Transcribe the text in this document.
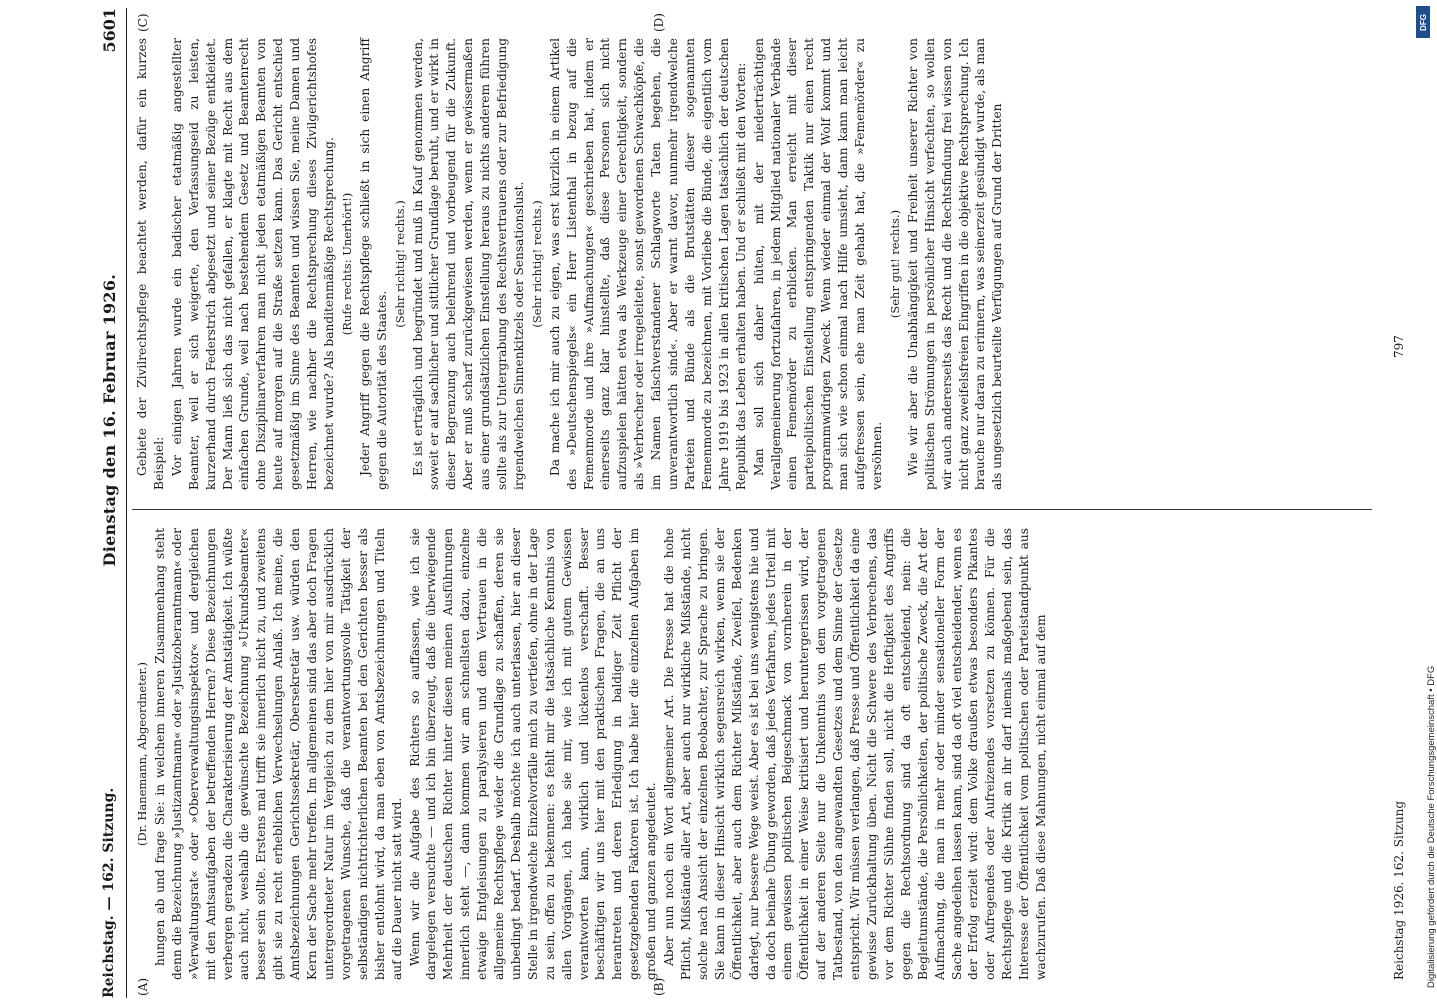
Reichstag. — 162. Sitzung.
Dienstag den 16. Februar 1926.
5601

(Dr. Hanemann, Abgeordneter.) hungen ab und frage Sie: in welchem inneren Zusammenhang steht denn die Bezeichnung »Justizamtmann« oder »Justizoberamtmann« oder »Verwaltungsrat« oder »Oberverwaltungsinspektor« und dergleichen mit den Amtsaufgaben der betreffenden Herren? Diese Bezeichnungen verbergen geradezu die Charakterisierung der Amtstätigkeit. Ich wüßte auch nicht, weshalb die gewünschte Bezeichnung »Urkundsbeamter« besser sein sollte. Erstens mal trifft sie innerlich nicht zu, und zweitens gibt sie zu recht erheblichen Verwechselungen Anlaß. Ich meine, die Amtsbezeichnungen Gerichtssekretär, Obersekretär usw. würden den Kern der Sache mehr treffen. Im allgemeinen sind das aber doch Fragen untergeordneter Natur im Vergleich zu dem hier von mir ausdrücklich vorgetragenen Wunsche, daß die verantwortungsvolle Tätigkeit der selbständigen nichtrichterlichen Beamten bei den Gerichten besser als bisher entlohnt wird, da man eben von Amtsbezeichnungen und Titeln auf die Dauer nicht satt wird. Wenn wir die Aufgabe des Richters so auffassen, wie ich sie dargelegen versuchte — und ich bin überzeugt, daß die überwiegende Mehrheit der deutschen Richter hinter diesen meinen Ausführungen innerlich steht —, dann kommen wir am schnellsten dazu, einzelne etwaige Entgleisungen zu paralysieren und dem Vertrauen in die allgemeine Rechtspflege wieder die Grundlage zu schaffen, deren sie unbedingt bedarf. Deshalb möchte ich auch unterlassen, hier an dieser Stelle in irgendwelche Einzelvorfälle mich zu vertiefen, ohne in der Lage zu sein, offen zu bekennen: es fehlt mir die tatsächliche Kenntnis von allen Vorgängen, ich habe sie mir, wie ich mit gutem Gewissen verantworten kann, wirklich und lückenlos verschafft. Besser beschäftigen wir uns hier mit den praktischen Fragen, die an uns herantreten und deren Erledigung in baldiger Zeit Pflicht der gesetzgebenden Faktoren ist. Ich habe hier die einzelnen Aufgaben im großen und ganzen angedeutet. Aber nun noch ein Wort allgemeiner Art. Die Presse hat die hohe Pflicht, Mißstände aller Art, aber auch nur wirkliche Mißstände, nicht solche nach Ansicht der einzelnen Beobachter, zur Sprache zu bringen. Sie kann in dieser Hinsicht wirklich segensreich wirken, wenn sie der Öffentlichkeit, aber auch dem Richter Mißstände, Zweifel, Bedenken darlegt, nur bessere Wege weist. Aber es ist bei uns wenigstens hie und da doch beinahe Übung geworden, daß jedes Verfahren, jedes Urteil mit einem gewissen politischen Beigeschmack von vornherein in der Öffentlichkeit in einer Weise kritisiert und heruntergerissen wird, der auf der anderen Seite nur die Unkenntnis von dem vorgetragenen Tatbestand, von den angewandten Gesetzes und dem Sinne der Gesetze entspricht. Wir müssen verlangen, daß Presse und Öffentlichkeit da eine gewisse Zurückhaltung üben. Nicht die Schwere des Verbrechens, das vor dem Richter Sühne finden soll, nicht die Heftigkeit des Angriffs gegen die Rechtsordnung sind da oft entscheidend, nein: die Begleitumstände, die Persönlichkeiten, der politische Zweck, die Art der Aufmachung, die man in mehr oder minder sensationeller Form der Sache angedeihen lassen kann, sind da oft viel entscheidender, wenn es der Erfolg erzielt wird: dem Volke draußen etwas besonders Pikantes oder Aufregendes oder Aufreizendes vorsetzen zu können. Für die Rechtspflege und die Kritik an ihr darf niemals maßgebend sein, das Interesse der Öffentlichkeit vom politischen oder Parteistandpunkt aus wachzurufen. Daß diese Mahnungen, nicht einmal auf dem

Gebiete der Zivilrechtspflege beachtet werden, dafür ein kurzes Beispiel: Vor einigen Jahren wurde ein badischer etatmäßig angestellter Beamter, weil er sich weigerte, den Verfassungseid zu leisten, kurzerhand durch Federstrich abgesetzt und seiner Bezüge entkleidet. Der Mann ließ sich das nicht gefallen, er klagte mit Recht aus dem einfachen Grunde, weil nach bestehendem Gesetz und Beamtenrecht ohne Disziplinarverfahren man nicht jeden etatmäßigen Beamten von heute auf morgen auf die Straße setzen kann. Das Gericht entschied gesetzmäßig im Sinne des Beamten und wissen Sie, meine Damen und Herren, wie nachher die Rechtsprechung dieses Zivilgerichtshofes bezeichnet wurde? Als banditenmäßige Rechtsprechung. (Rufe rechts: Unerhört!) Jeder Angriff gegen die Rechtspflege schließt in sich einen Angriff gegen die Autorität des Staates.

(Sehr richtig! rechts.) Es ist erträglich und begründet und muß in Kauf genommen werden, soweit er auf sachlicher und sittlicher Grundlage beruht, und er wirkt in dieser Begrenzung auch belehrend und vorbeugend für die Zukunft. Aber er muß scharf zurückgewiesen werden, wenn er gewissermaßen aus einer grundsätzlichen Einstellung heraus zu nichts anderem führen sollte als zur Untergrabung des Rechtsvertrauens oder zur Befriedigung irgendwelchen Sinnenkitzels oder Sensationslust. (Sehr richtig! rechts.) Da mache ich mir auch zu eigen, was erst kürzlich in einem Artikel des »Deutschenspiegels« ein Herr Listenthal in bezug auf die Femenmorde und ihre »Aufmachungen« geschrieben hat, indem er einerseits ganz klar hinstellte, daß diese Personen sich nicht aufzuspielen hätten etwa als Werkzeuge einer Gerechtigkeit, sondern als »Verbrecher oder irregeleitete, sonst gewordenen Schwachköpfe, die im Namen falschverstandener Schlagworte Taten begehen, die unverantwortlich sind«. Aber er warnt davor, nunmehr irgendwelche Parteien und Bünde als die Brutstätten dieser sogenannten Femenmorde zu bezeichnen, mit Vorliebe die Bünde, die eigentlich vom Jahre 1919 bis 1923 in allen kritischen Lagen tatsächlich der deutschen Republik das Leben erhalten haben. Und er schließt mit den Worten: Man soll sich daher hüten, mit der niederträchtigen Verallgemeinerung fortzufahren, in jedem Mitglied nationaler Verbände einen Fememörder zu erblicken. Man erreicht mit dieser parteipolitischen Einstellung entspringenden Taktik nur einen recht programmwidrigen Zweck. Wenn wieder einmal der Wolf kommt und man sich wie schon einmal nach Hilfe umsieht, dann kann man leicht aufgefressen sein, ehe man Zeit gehabt hat, die »Fememörder« zu versöhnen.

(Sehr gut! rechts.) Wie wir aber die Unabhängigkeit und Freiheit unserer Richter von politischen Strömungen in persönlicher Hinsicht verfechten, so wollen wir auch andererseits das Recht und die Rechtsfindung frei wissen von nicht ganz zweifelsfreien Eingriffen in die objektive Rechtsprechung. Ich brauche nur daran zu erinnern, was seinerzeit gesündigt wurde, als man als ungesetzlich beurteilte Verfügungen auf Grund der Dritten

(A)	(B)
(C)	(D)
Reichstag 1926. 162. Sitzung
797
DFG
Digitalisierung gefördert durch die Deutsche Forschungsgemeinschaft • DFG
